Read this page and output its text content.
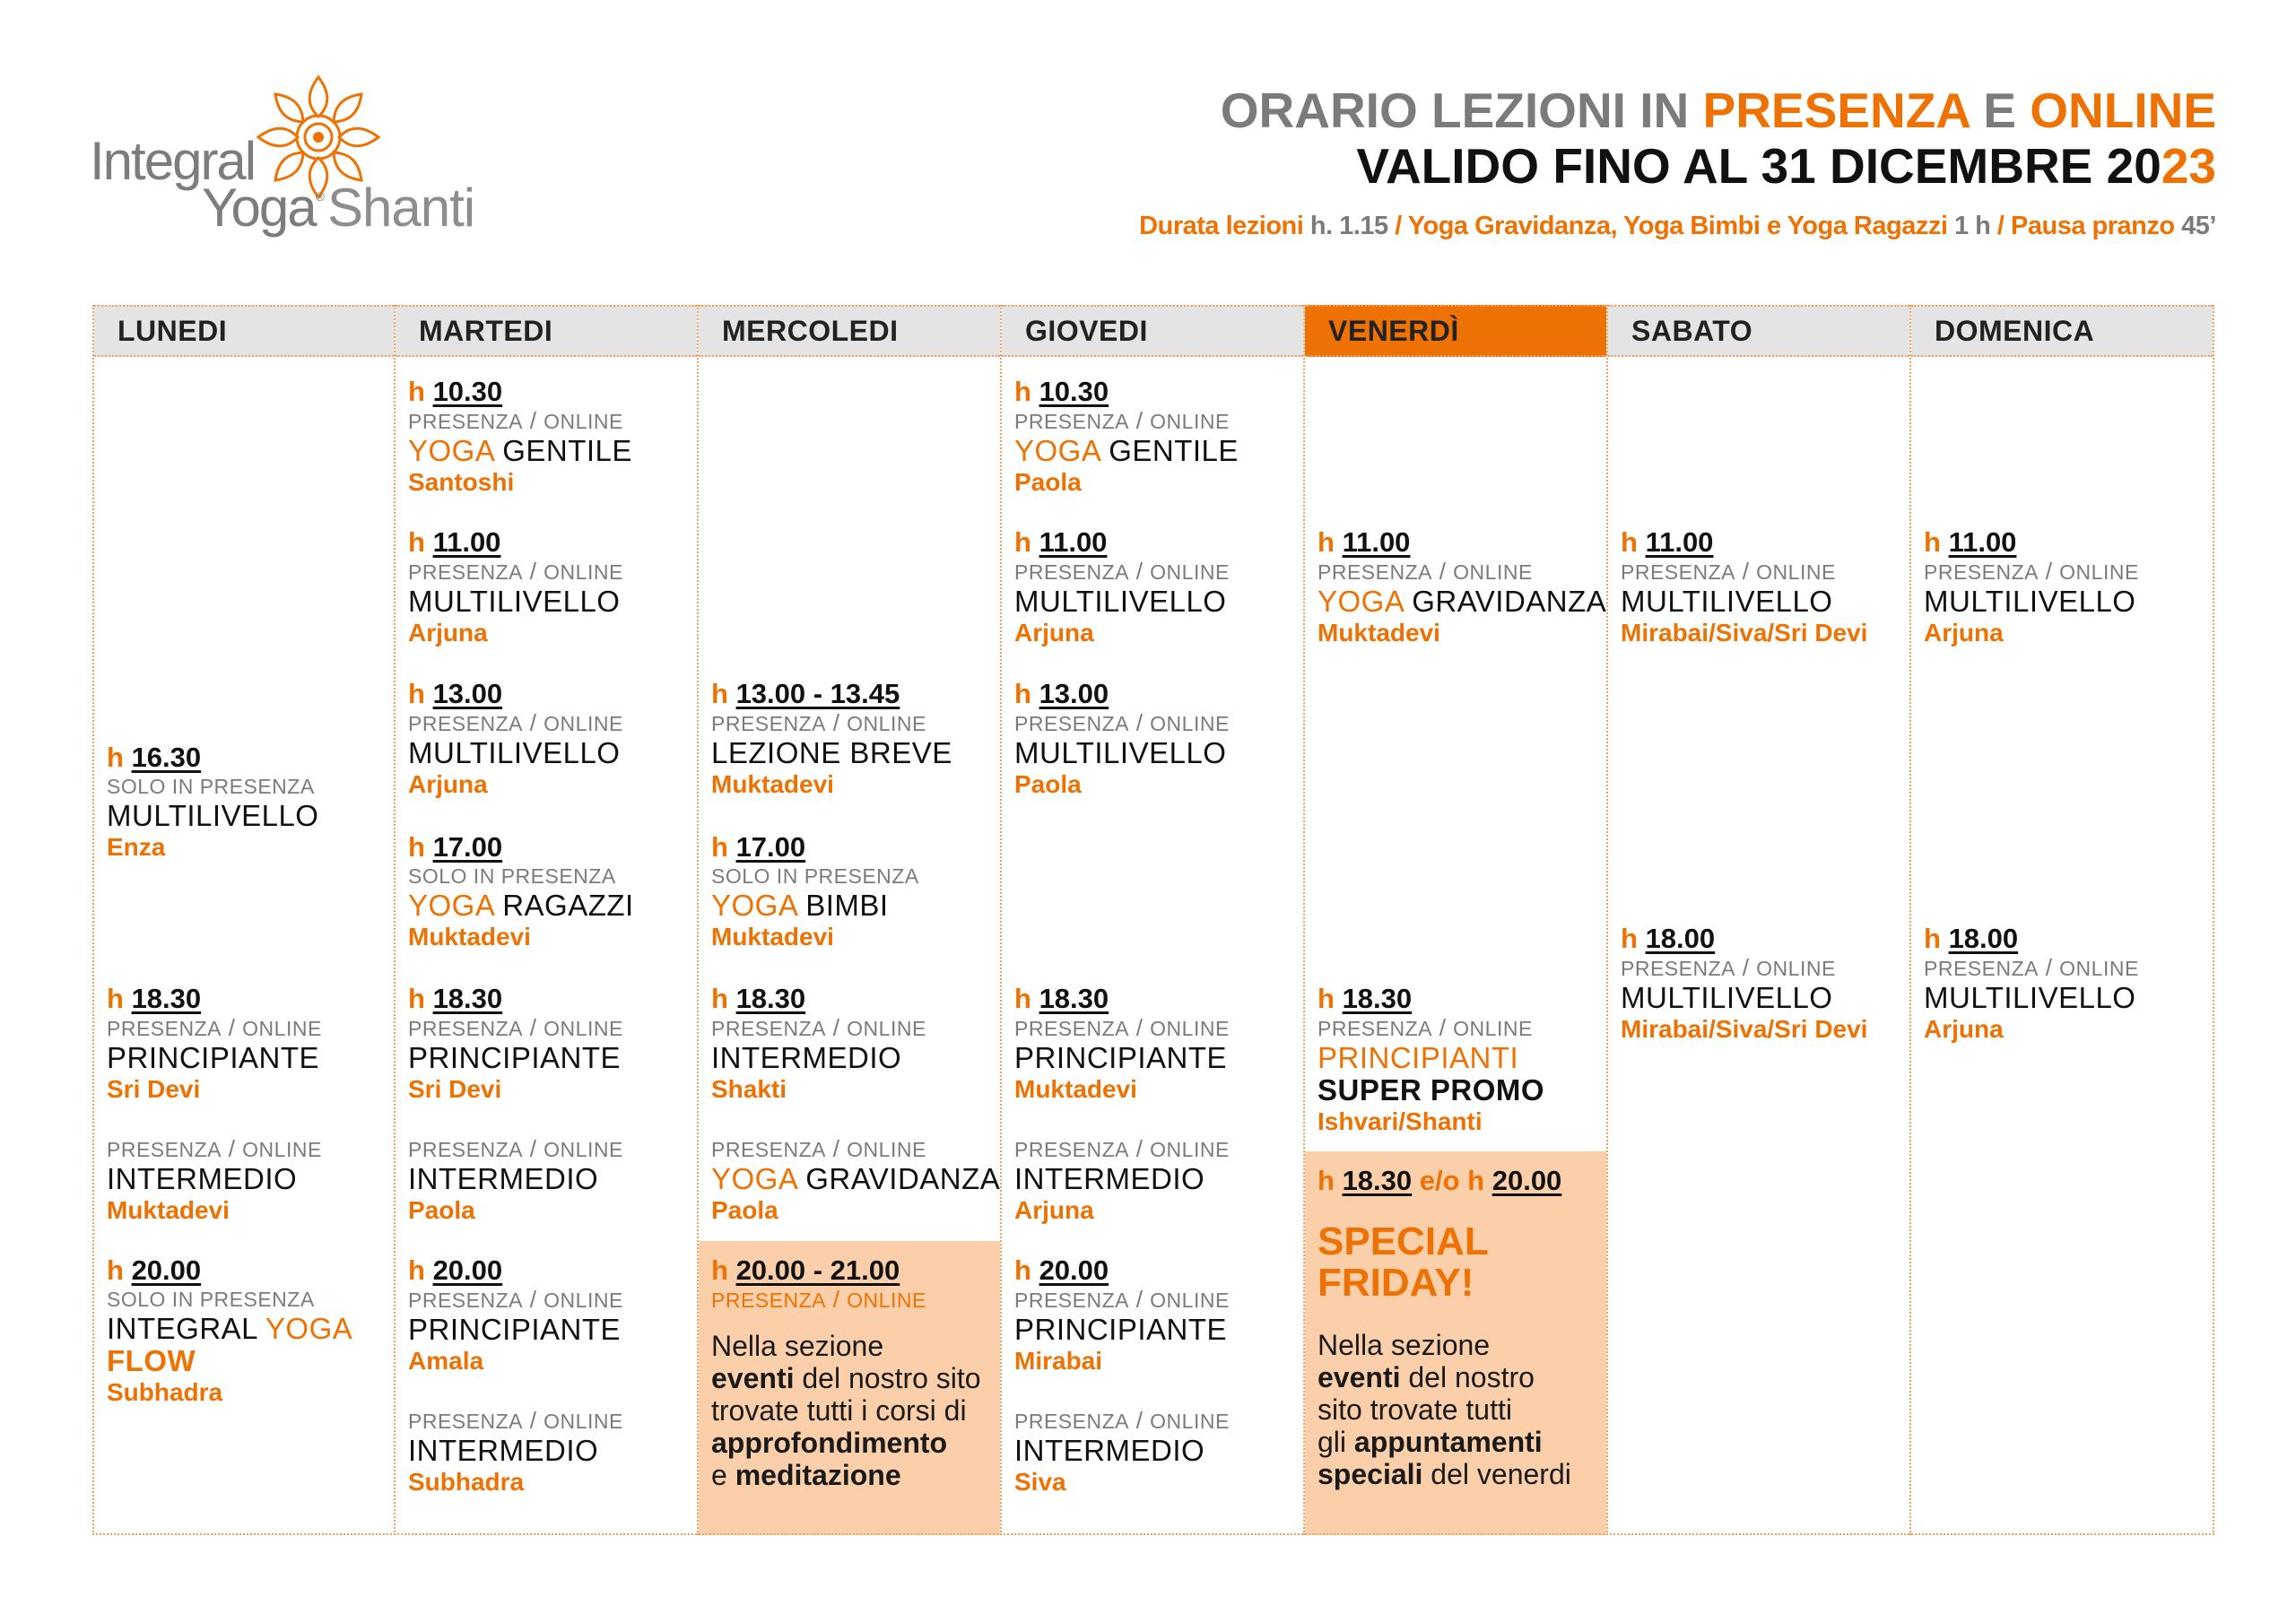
Integral
Yoga® Shanti
ORARIO LEZIONI IN PRESENZA E ONLINE
VALIDO FINO AL 31 DICEMBRE 2023
Durata lezioni h. 1.15 / Yoga Gravidanza, Yoga Bimbi e Yoga Ragazzi 1 h / Pausa pranzo 45’
LUNEDI
h 16.30
SOLO IN PRESENZA
MULTILIVELLO
Enza
h 18.30
PRESENZA / ONLINE
PRINCIPIANTE
Sri Devi
PRESENZA / ONLINE
INTERMEDIO
Muktadevi
h 20.00
SOLO IN PRESENZA
INTEGRAL YOGA
FLOW
Subhadra
MARTEDI
h 10.30
PRESENZA / ONLINE
YOGA GENTILE
Santoshi
h 11.00
PRESENZA / ONLINE
MULTILIVELLO
Arjuna
h 13.00
PRESENZA / ONLINE
MULTILIVELLO
Arjuna
h 17.00
SOLO IN PRESENZA
YOGA RAGAZZI
Muktadevi
h 18.30
PRESENZA / ONLINE
PRINCIPIANTE
Sri Devi
PRESENZA / ONLINE
INTERMEDIO
Paola
h 20.00
PRESENZA / ONLINE
PRINCIPIANTE
Amala
PRESENZA / ONLINE
INTERMEDIO
Subhadra
MERCOLEDI
h 13.00 - 13.45
PRESENZA / ONLINE
LEZIONE BREVE
Muktadevi
h 17.00
SOLO IN PRESENZA
YOGA BIMBI
Muktadevi
h 18.30
PRESENZA / ONLINE
INTERMEDIO
Shakti
PRESENZA / ONLINE
YOGA GRAVIDANZA
Paola
h 20.00 - 21.00
PRESENZA / ONLINE
Nella sezione
eventi del nostro sito
trovate tutti i corsi di
approfondimento
e meditazione
GIOVEDI
h 10.30
PRESENZA / ONLINE
YOGA GENTILE
Paola
h 11.00
PRESENZA / ONLINE
MULTILIVELLO
Arjuna
h 13.00
PRESENZA / ONLINE
MULTILIVELLO
Paola
h 18.30
PRESENZA / ONLINE
PRINCIPIANTE
Muktadevi
PRESENZA / ONLINE
INTERMEDIO
Arjuna
h 20.00
PRESENZA / ONLINE
PRINCIPIANTE
Mirabai
PRESENZA / ONLINE
INTERMEDIO
Siva
VENERDÌ
h 11.00
PRESENZA / ONLINE
YOGA GRAVIDANZA
Muktadevi
h 18.30
PRESENZA / ONLINE
PRINCIPIANTI
SUPER PROMO
Ishvari/Shanti
h 18.30 e/o h 20.00
SPECIAL
FRIDAY!
Nella sezione
eventi del nostro
sito trovate tutti
gli appuntamenti
speciali del venerdi
SABATO
h 11.00
PRESENZA / ONLINE
MULTILIVELLO
Mirabai/Siva/Sri Devi
h 18.00
PRESENZA / ONLINE
MULTILIVELLO
Mirabai/Siva/Sri Devi
DOMENICA
h 11.00
PRESENZA / ONLINE
MULTILIVELLO
Arjuna
h 18.00
PRESENZA / ONLINE
MULTILIVELLO
Arjuna
